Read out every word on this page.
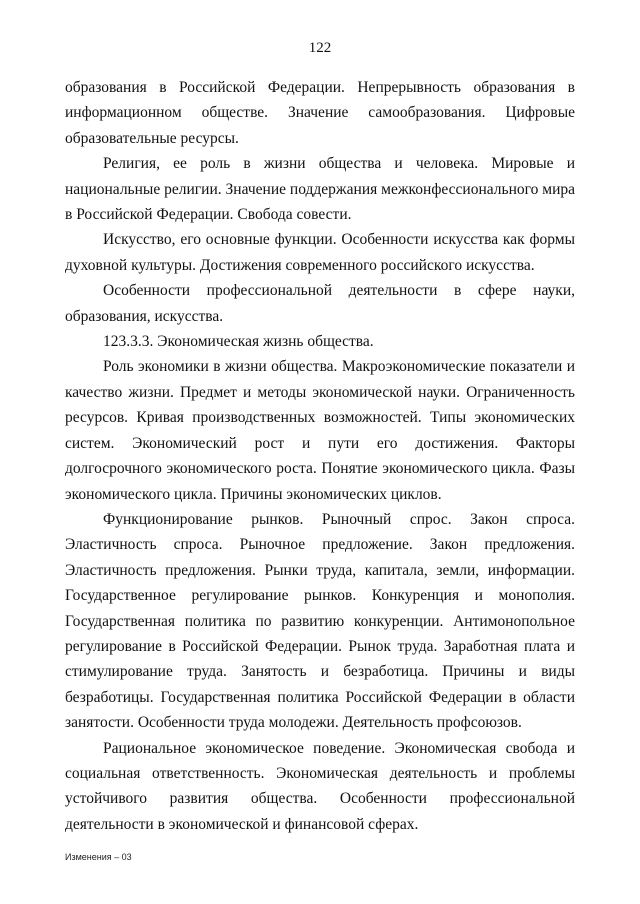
122

образования в Российской Федерации. Непрерывность образования в информационном обществе. Значение самообразования. Цифровые образовательные ресурсы.

Религия, ее роль в жизни общества и человека. Мировые и национальные религии. Значение поддержания межконфессионального мира в Российской Федерации. Свобода совести.

Искусство, его основные функции. Особенности искусства как формы духовной культуры. Достижения современного российского искусства.

Особенности профессиональной деятельности в сфере науки, образования, искусства.

123.3.3. Экономическая жизнь общества.

Роль экономики в жизни общества. Макроэкономические показатели и качество жизни. Предмет и методы экономической науки. Ограниченность ресурсов. Кривая производственных возможностей. Типы экономических систем. Экономический рост и пути его достижения. Факторы долгосрочного экономического роста. Понятие экономического цикла. Фазы экономического цикла. Причины экономических циклов.

Функционирование рынков. Рыночный спрос. Закон спроса. Эластичность спроса. Рыночное предложение. Закон предложения. Эластичность предложения. Рынки труда, капитала, земли, информации. Государственное регулирование рынков. Конкуренция и монополия. Государственная политика по развитию конкуренции. Антимонопольное регулирование в Российской Федерации. Рынок труда. Заработная плата и стимулирование труда. Занятость и безработица. Причины и виды безработицы. Государственная политика Российской Федерации в области занятости. Особенности труда молодежи. Деятельность профсоюзов.

Рациональное экономическое поведение. Экономическая свобода и социальная ответственность. Экономическая деятельность и проблемы устойчивого развития общества. Особенности профессиональной деятельности в экономической и финансовой сферах.

Изменения – 03
